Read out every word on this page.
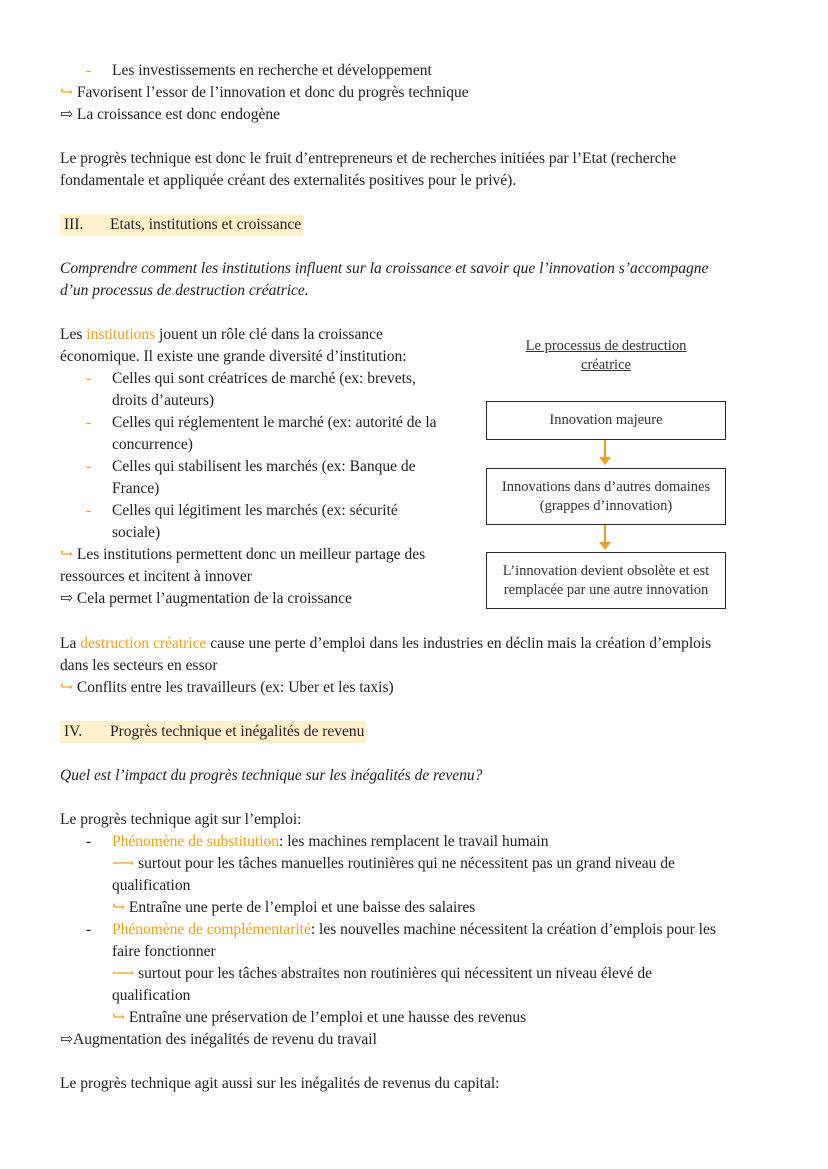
- Les investissements en recherche et développement
↪ Favorisent l’essor de l’innovation et donc du progrès technique
⇨ La croissance est donc endogène
Le progrès technique est donc le fruit d’entrepreneurs et de recherches initiées par l’Etat (recherche
fondamentale et appliquée créant des externalités positives pour le privé).
III. Etats, institutions et croissance
Comprendre comment les institutions influent sur la croissance et savoir que l’innovation s’accompagne
d’un processus de destruction créatrice.
Les institutions jouent un rôle clé dans la croissance
économique. Il existe une grande diversité d’institution:
- Celles qui sont créatrices de marché (ex: brevets,
droits d’auteurs)
- Celles qui réglementent le marché (ex: autorité de la
concurrence)
- Celles qui stabilisent les marchés (ex: Banque de
France)
- Celles qui légitiment les marchés (ex: sécurité
sociale)
↪ Les institutions permettent donc un meilleur partage des
ressources et incitent à innover
⇨ Cela permet l’augmentation de la croissance
Le processus de destruction
créatrice
Innovation majeure
Innovations dans d’autres domaines
(grappes d’innovation)
L’innovation devient obsolète et est
remplacée par une autre innovation
La destruction créatrice cause une perte d’emploi dans les industries en déclin mais la création d’emplois
dans les secteurs en essor
↪ Conflits entre les travailleurs (ex: Uber et les taxis)
IV. Progrès technique et inégalités de revenu
Quel est l’impact du progrès technique sur les inégalités de revenu?
Le progrès technique agit sur l’emploi:
- Phénomène de substitution: les machines remplacent le travail humain
⟶ surtout pour les tâches manuelles routinières qui ne nécessitent pas un grand niveau de
qualification
↪ Entraîne une perte de l’emploi et une baisse des salaires
- Phénomène de complémentarité: les nouvelles machine nécessitent la création d’emplois pour les
faire fonctionner
⟶ surtout pour les tâches abstraites non routinières qui nécessitent un niveau élevé de
qualification
↪ Entraîne une préservation de l’emploi et une hausse des revenus
⇨Augmentation des inégalités de revenu du travail
Le progrès technique agit aussi sur les inégalités de revenus du capital:
